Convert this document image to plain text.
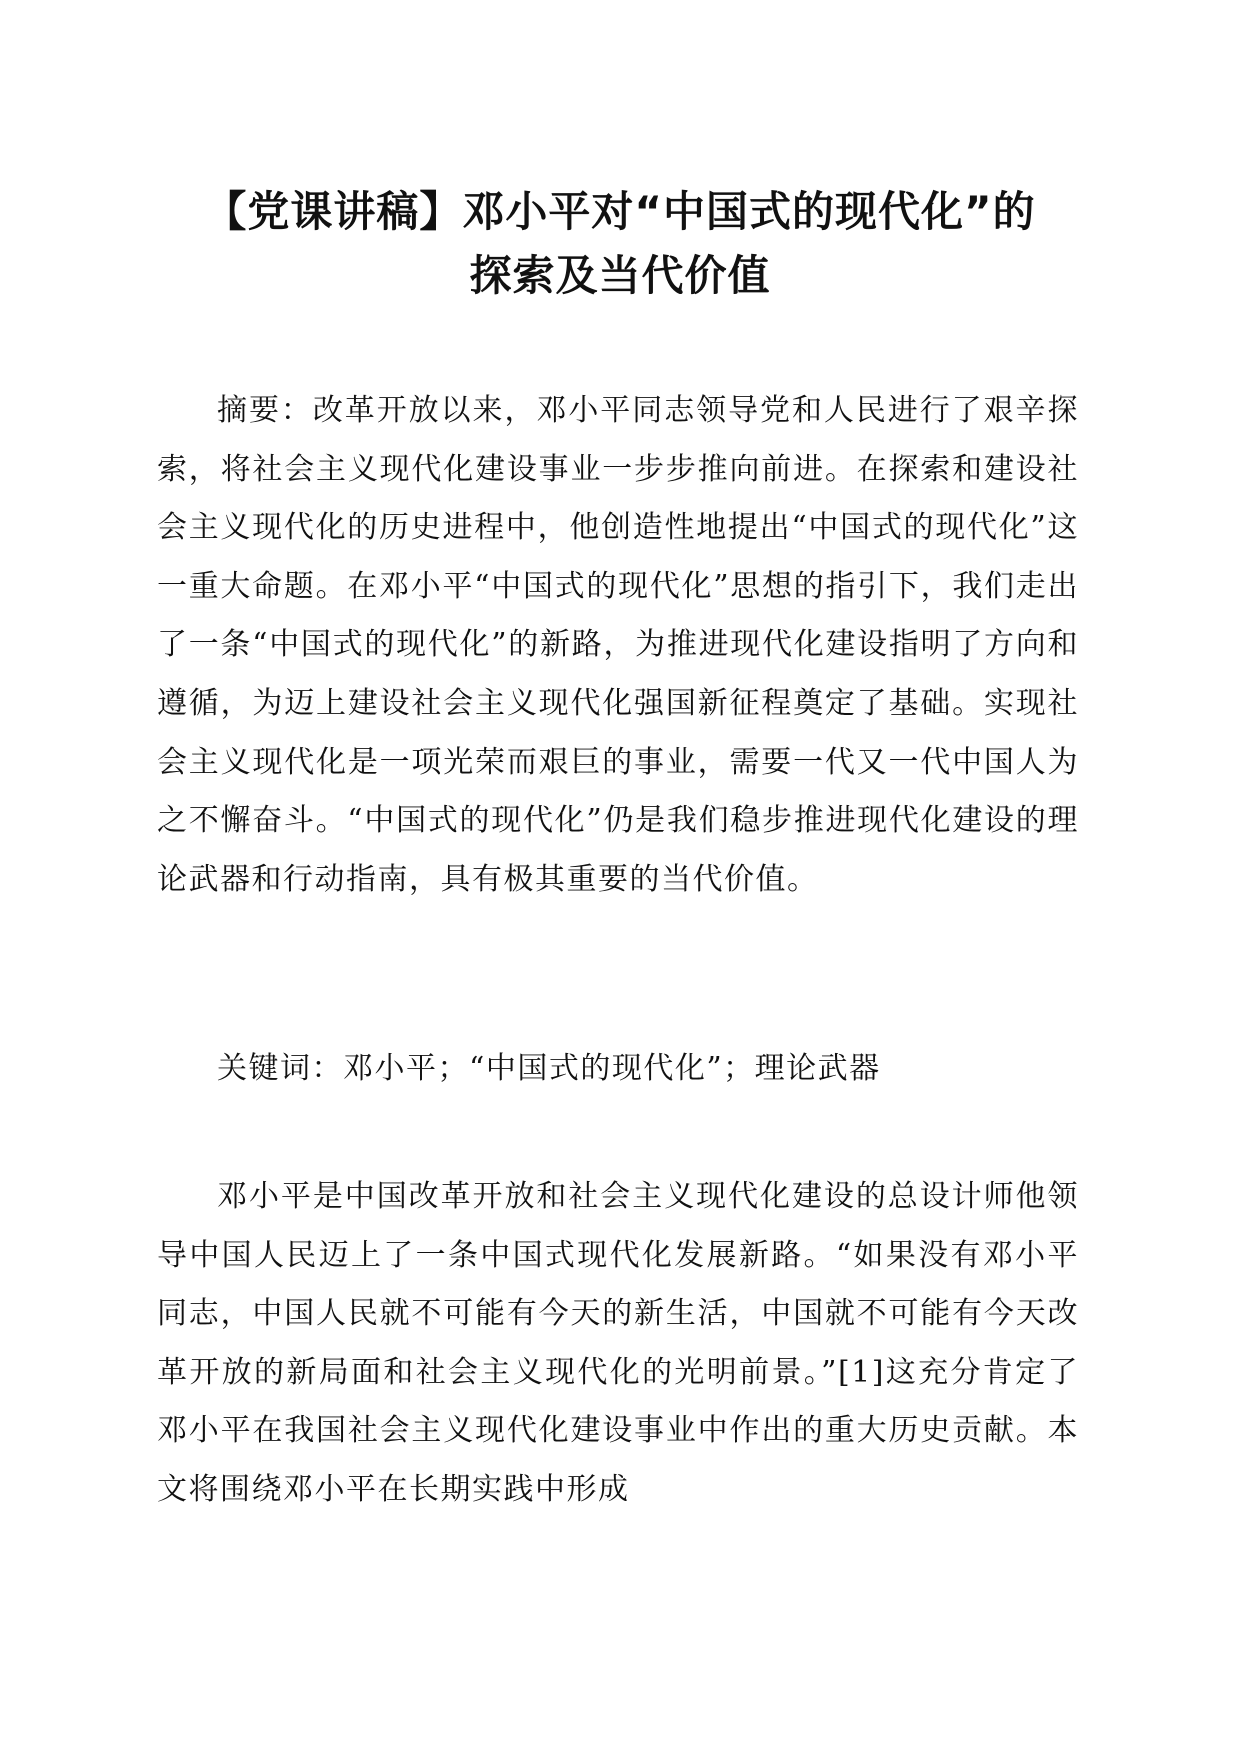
【党课讲稿】邓小平对“中国式的现代化”的
探索及当代价值

摘要：改革开放以来，邓小平同志领导党和人民进行了艰辛探索，将社会主义现代化建设事业一步步推向前进。在探索和建设社会主义现代化的历史进程中，他创造性地提出“中国式的现代化”这一重大命题。在邓小平“中国式的现代化”思想的指引下，我们走出了一条“中国式的现代化”的新路，为推进现代化建设指明了方向和遵循，为迈上建设社会主义现代化强国新征程奠定了基础。实现社会主义现代化是一项光荣而艰巨的事业，需要一代又一代中国人为之不懈奋斗。“中国式的现代化”仍是我们稳步推进现代化建设的理论武器和行动指南，具有极其重要的当代价值。

关键词：邓小平；“中国式的现代化”；理论武器

邓小平是中国改革开放和社会主义现代化建设的总设计师他领导中国人民迈上了一条中国式现代化发展新路。“如果没有邓小平同志，中国人民就不可能有今天的新生活，中国就不可能有今天改革开放的新局面和社会主义现代化的光明前景。”[1]这充分肯定了邓小平在我国社会主义现代化建设事业中作出的重大历史贡献。本文将围绕邓小平在长期实践中形成
